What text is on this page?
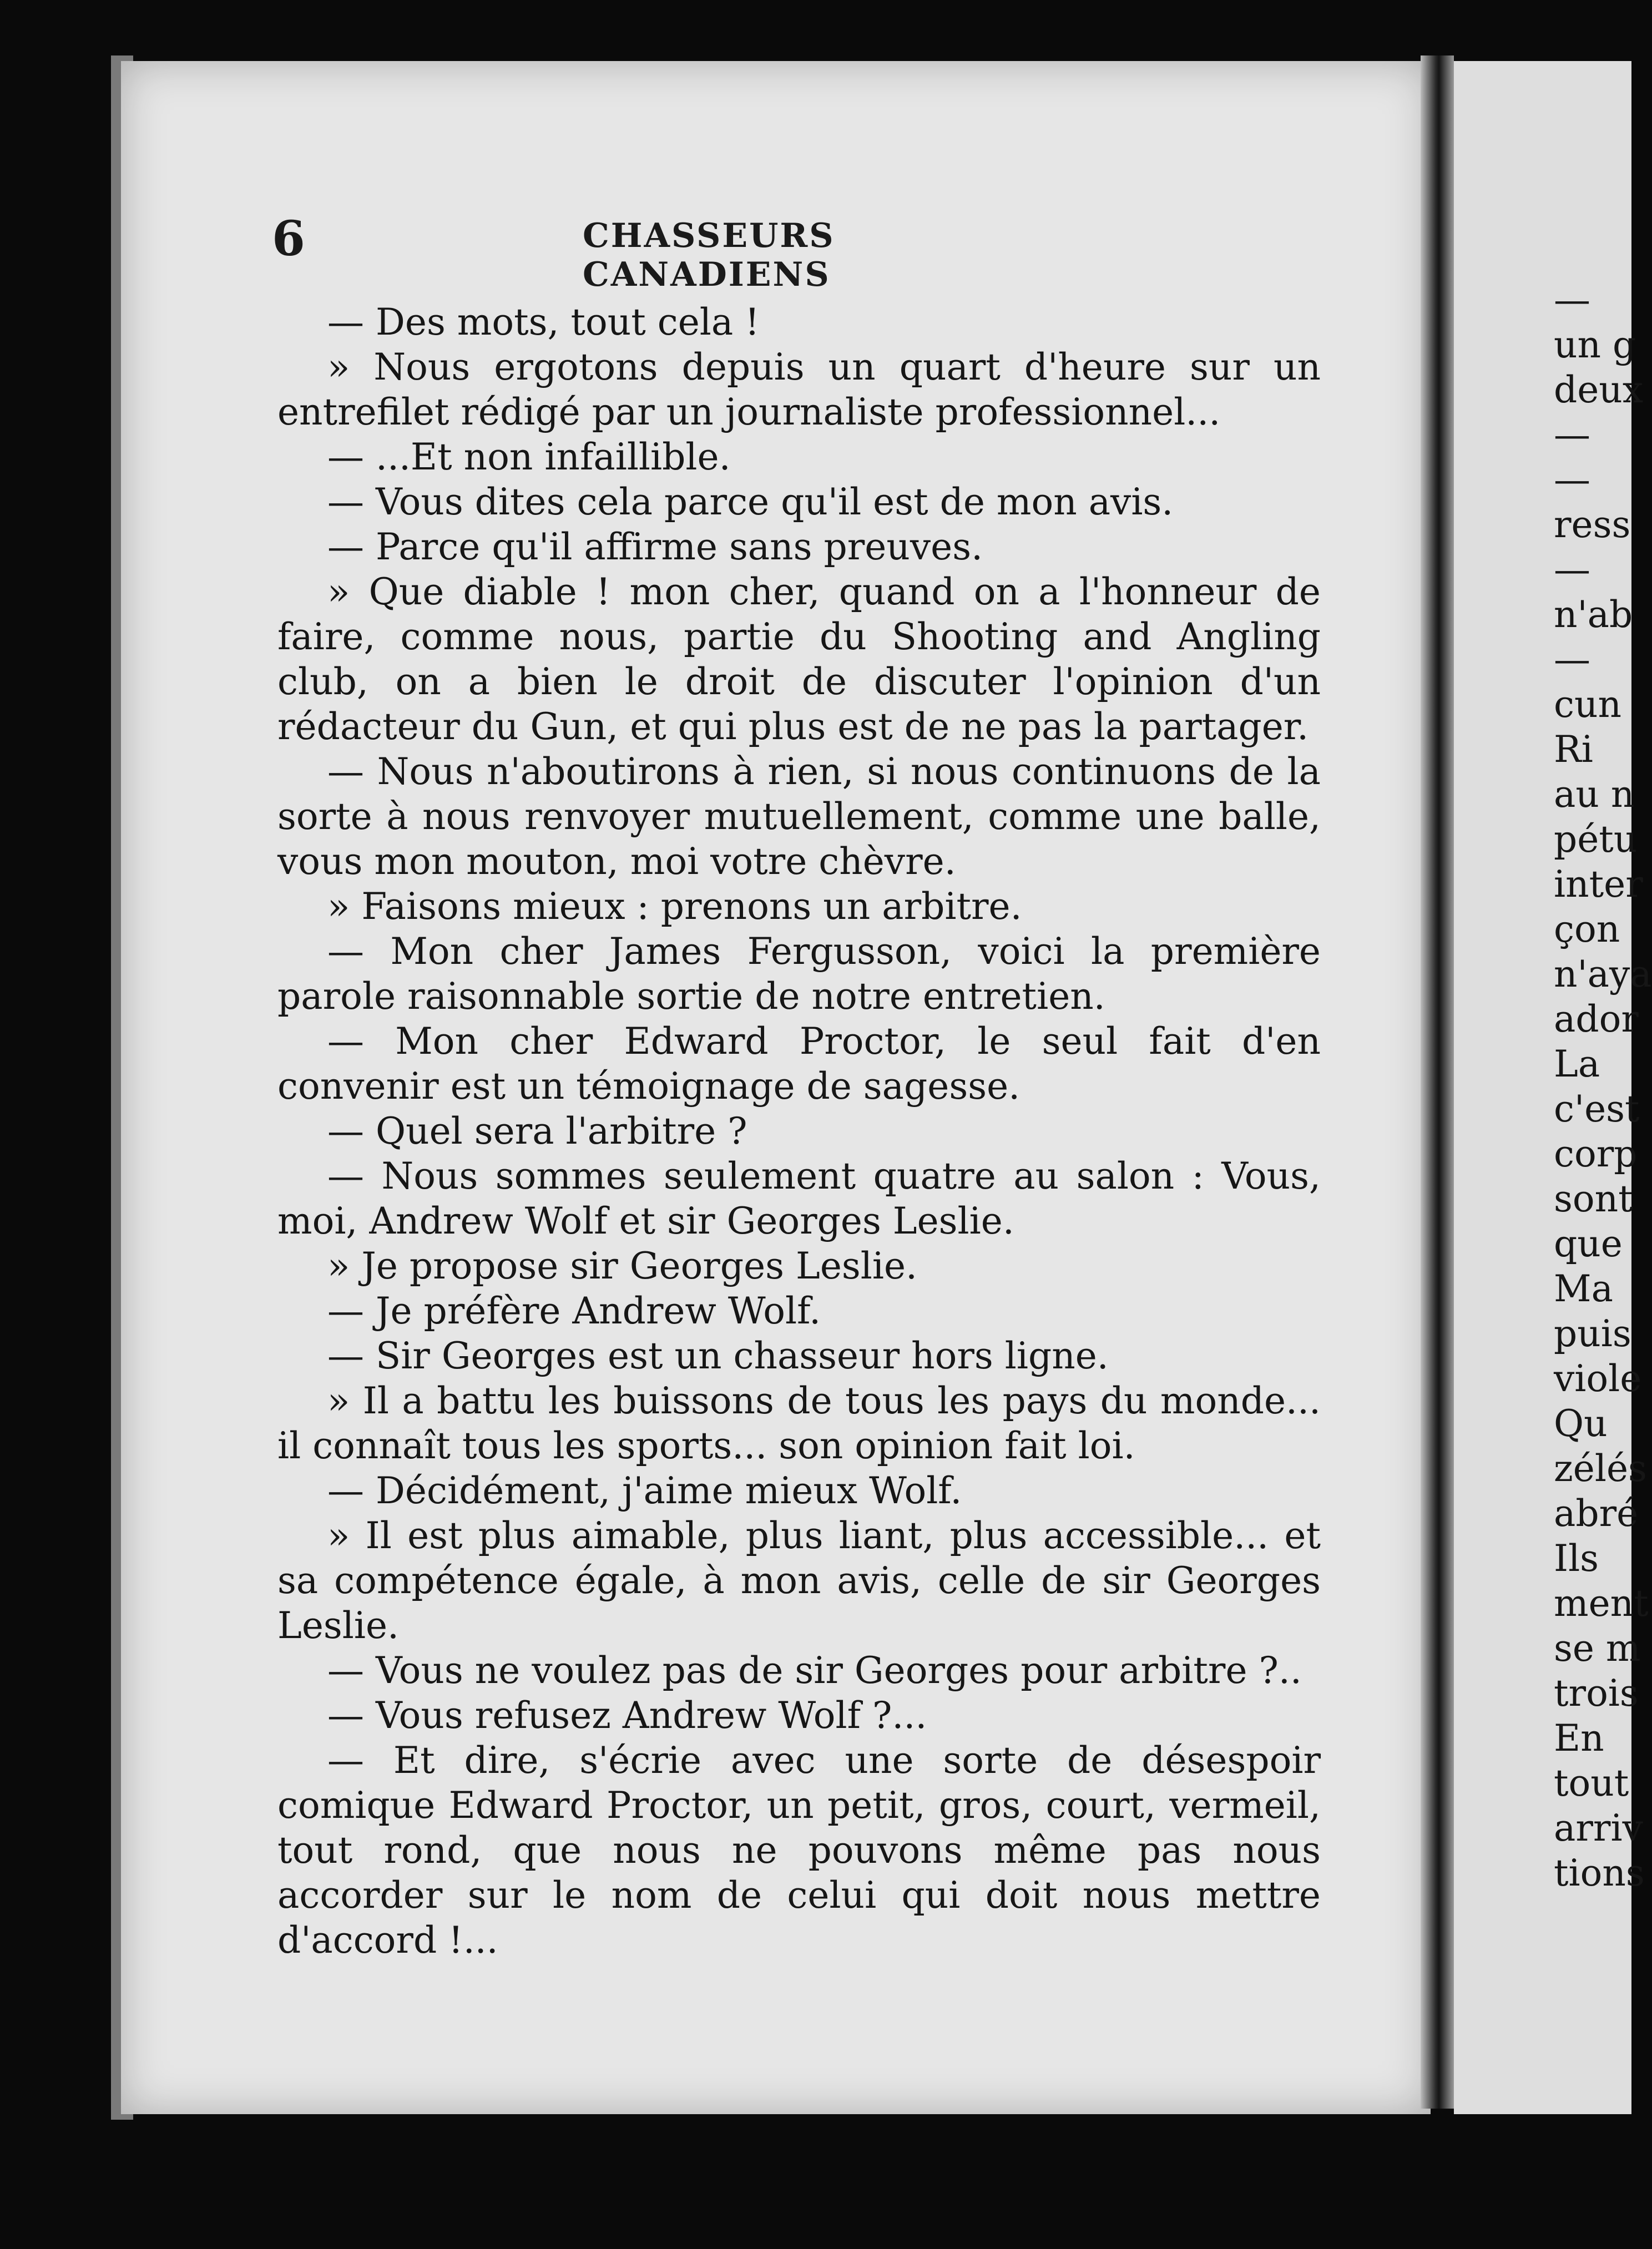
6	CHASSEURS CANADIENS

— Des mots, tout cela !

» Nous ergotons depuis un quart d'heure sur un entrefilet rédigé par un journaliste professionnel...

— ...Et non infaillible.

— Vous dites cela parce qu'il est de mon avis.

— Parce qu'il affirme sans preuves.

» Que diable ! mon cher, quand on a l'honneur de faire, comme nous, partie du Shooting and Angling club, on a bien le droit de discuter l'opinion d'un rédacteur du Gun, et qui plus est de ne pas la partager.

— Nous n'aboutirons à rien, si nous continuons de la sorte à nous renvoyer mutuellement, comme une balle, vous mon mouton, moi votre chèvre.

» Faisons mieux : prenons un arbitre.

— Mon cher James Fergusson, voici la première parole raisonnable sortie de notre entretien.

— Mon cher Edward Proctor, le seul fait d'en convenir est un témoignage de sagesse.

— Quel sera l'arbitre ?

— Nous sommes seulement quatre au salon : Vous, moi, Andrew Wolf et sir Georges Leslie.

» Je propose sir Georges Leslie.

— Je préfère Andrew Wolf.

— Sir Georges est un chasseur hors ligne.

» Il a battu les buissons de tous les pays du monde... il connaît tous les sports... son opinion fait loi.

— Décidément, j'aime mieux Wolf.

» Il est plus aimable, plus liant, plus accessible... et sa compétence égale, à mon avis, celle de sir Georges Leslie.

— Vous ne voulez pas de sir Georges pour arbitre ?..

— Vous refusez Andrew Wolf ?...

— Et dire, s'écrie avec une sorte de désespoir comique Edward Proctor, un petit, gros, court, vermeil, tout rond, que nous ne pouvons même pas nous accorder sur le nom de celui qui doit nous mettre d'accord !...

—
un g
deux
—
—
ress
—
n'ab
—
cun
Ri
au n
pétu
inter
çon
n'aya
ador
La
c'est
corp
sont
que
Ma
puis
viole
Qu
zélés
abré
Ils
ment
se m
trois
En
tout
arriv
tions
